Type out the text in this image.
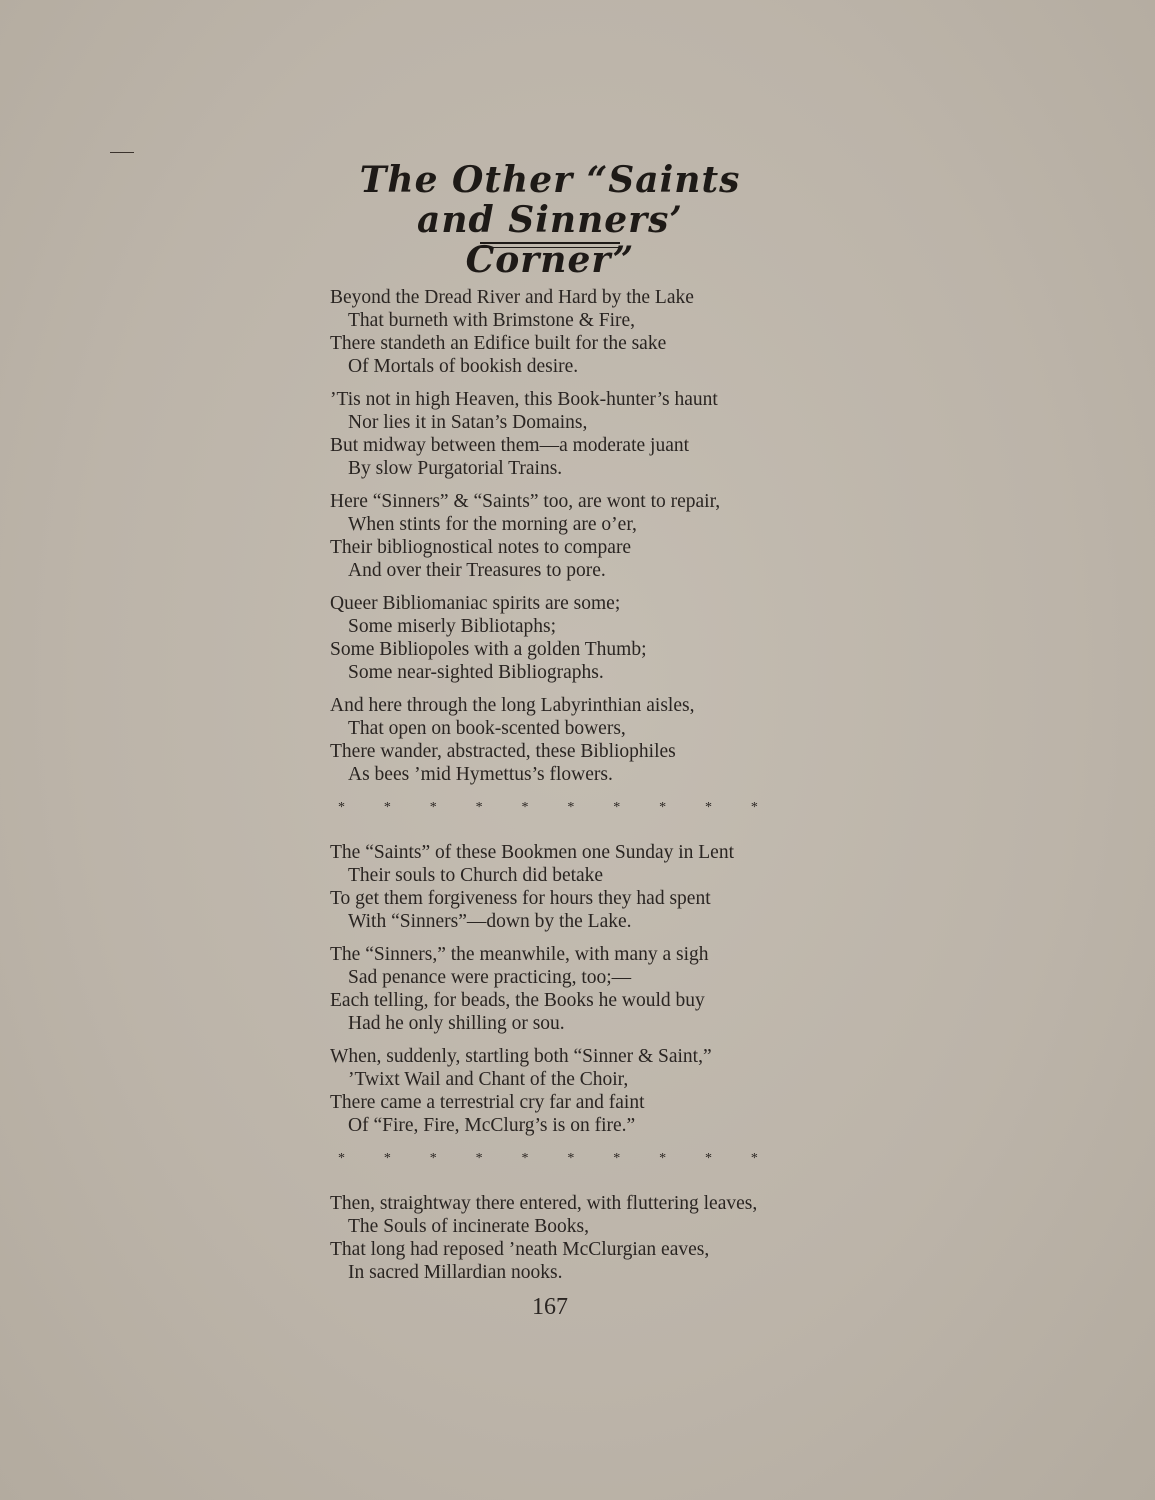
The Other “Saints
and Sinners’ Corner”
Beyond the Dread River and Hard by the Lake
That burneth with Brimstone & Fire,
There standeth an Edifice built for the sake
Of Mortals of bookish desire.
’Tis not in high Heaven, this Book-hunter’s haunt
Nor lies it in Satan’s Domains,
But midway between them—a moderate juant
By slow Purgatorial Trains.
Here “Sinners” & “Saints” too, are wont to repair,
When stints for the morning are o’er,
Their bibliognostical notes to compare
And over their Treasures to pore.
Queer Bibliomaniac spirits are some;
Some miserly Bibliotaphs;
Some Bibliopoles with a golden Thumb;
Some near-sighted Bibliographs.
And here through the long Labyrinthian aisles,
That open on book-scented bowers,
There wander, abstracted, these Bibliophiles
As bees ’mid Hymettus’s flowers.
*	*	*	*	*	*	*	*	*	*
The “Saints” of these Bookmen one Sunday in Lent
Their souls to Church did betake
To get them forgiveness for hours they had spent
With “Sinners”—down by the Lake.
The “Sinners,” the meanwhile, with many a sigh
Sad penance were practicing, too;—
Each telling, for beads, the Books he would buy
Had he only shilling or sou.
When, suddenly, startling both “Sinner & Saint,”
’Twixt Wail and Chant of the Choir,
There came a terrestrial cry far and faint
Of “Fire, Fire, McClurg’s is on fire.”
*	*	*	*	*	*	*	*	*	*
Then, straightway there entered, with fluttering leaves,
The Souls of incinerate Books,
That long had reposed ’neath McClurgian eaves,
In sacred Millardian nooks.
167
